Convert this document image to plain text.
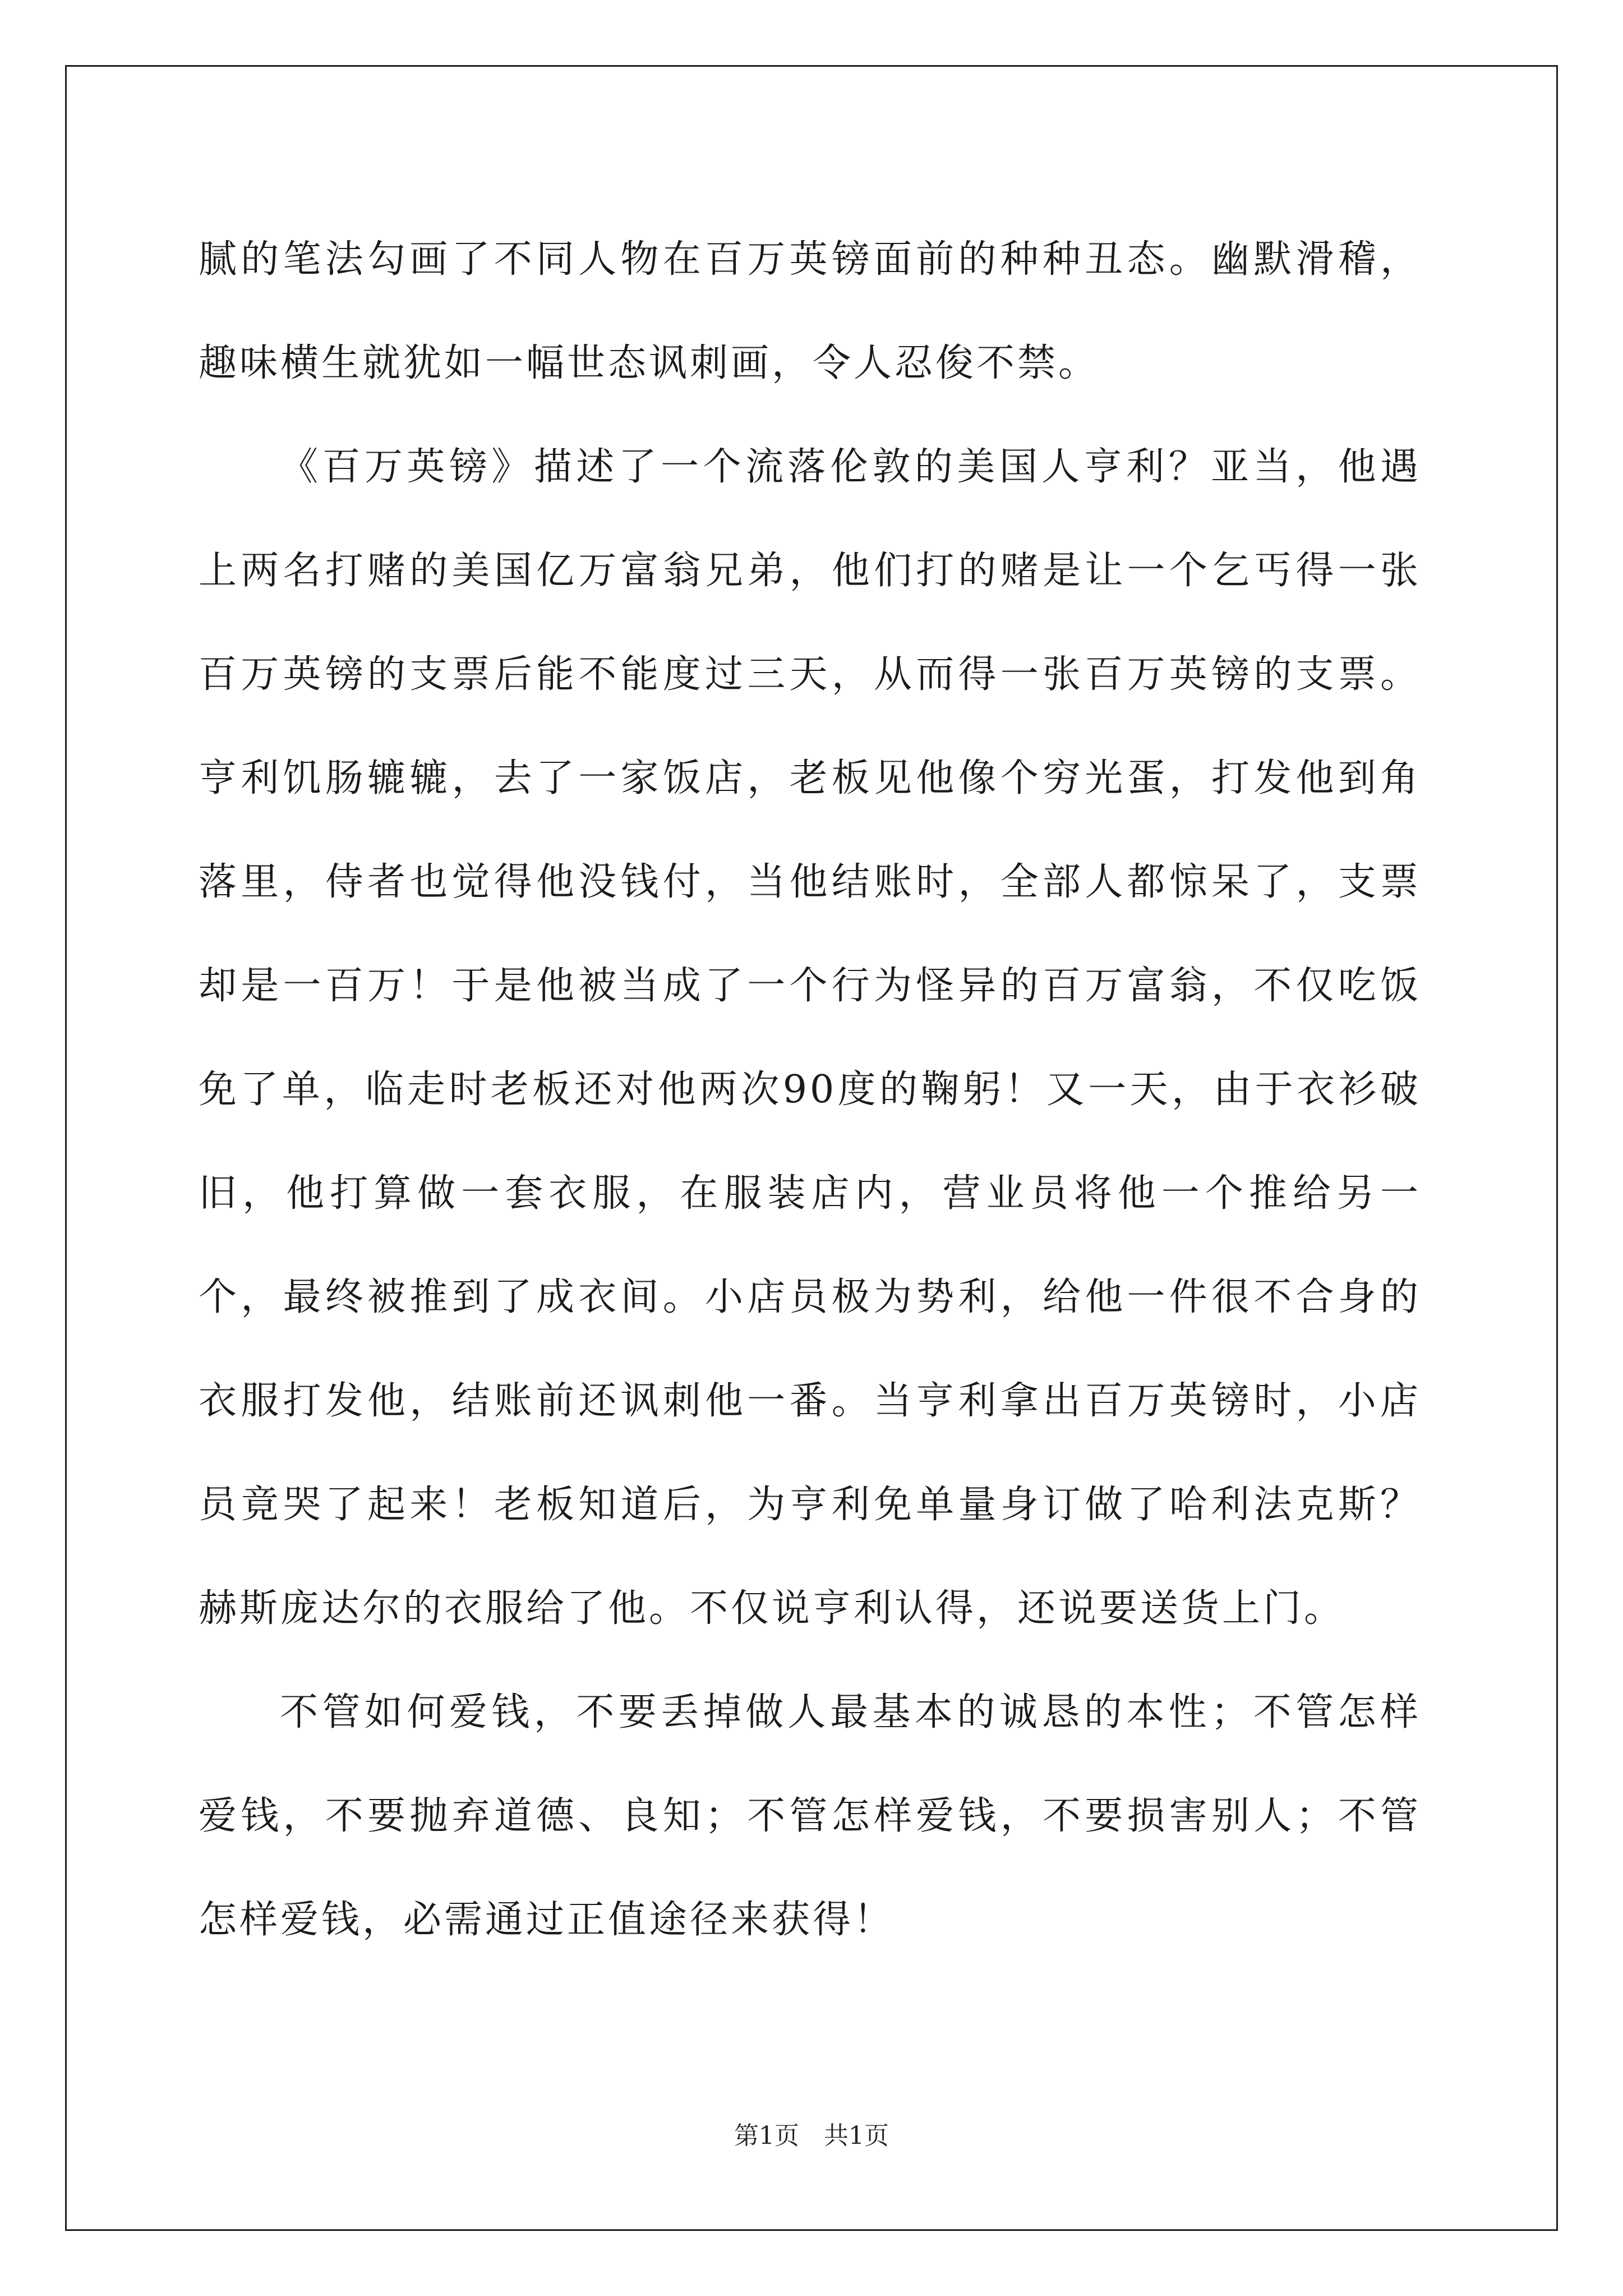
腻的笔法勾画了不同人物在百万英镑面前的种种丑态。幽默滑稽，趣味横生就犹如一幅世态讽刺画，令人忍俊不禁。

《百万英镑》描述了一个流落伦敦的美国人亨利？亚当，他遇上两名打赌的美国亿万富翁兄弟，他们打的赌是让一个乞丐得一张百万英镑的支票后能不能度过三天，从而得一张百万英镑的支票。亨利饥肠辘辘，去了一家饭店，老板见他像个穷光蛋，打发他到角落里，侍者也觉得他没钱付，当他结账时，全部人都惊呆了，支票却是一百万！于是他被当成了一个行为怪异的百万富翁，不仅吃饭免了单，临走时老板还对他两次90度的鞠躬！又一天，由于衣衫破旧，他打算做一套衣服，在服装店内，营业员将他一个推给另一个，最终被推到了成衣间。小店员极为势利，给他一件很不合身的衣服打发他，结账前还讽刺他一番。当亨利拿出百万英镑时，小店员竟哭了起来！老板知道后，为亨利免单量身订做了哈利法克斯？赫斯庞达尔的衣服给了他。不仅说亨利认得，还说要送货上门。

不管如何爱钱，不要丢掉做人最基本的诚恳的本性；不管怎样爱钱，不要抛弃道德、良知；不管怎样爱钱，不要损害别人；不管怎样爱钱，必需通过正值途径来获得！

第1页　共1页
